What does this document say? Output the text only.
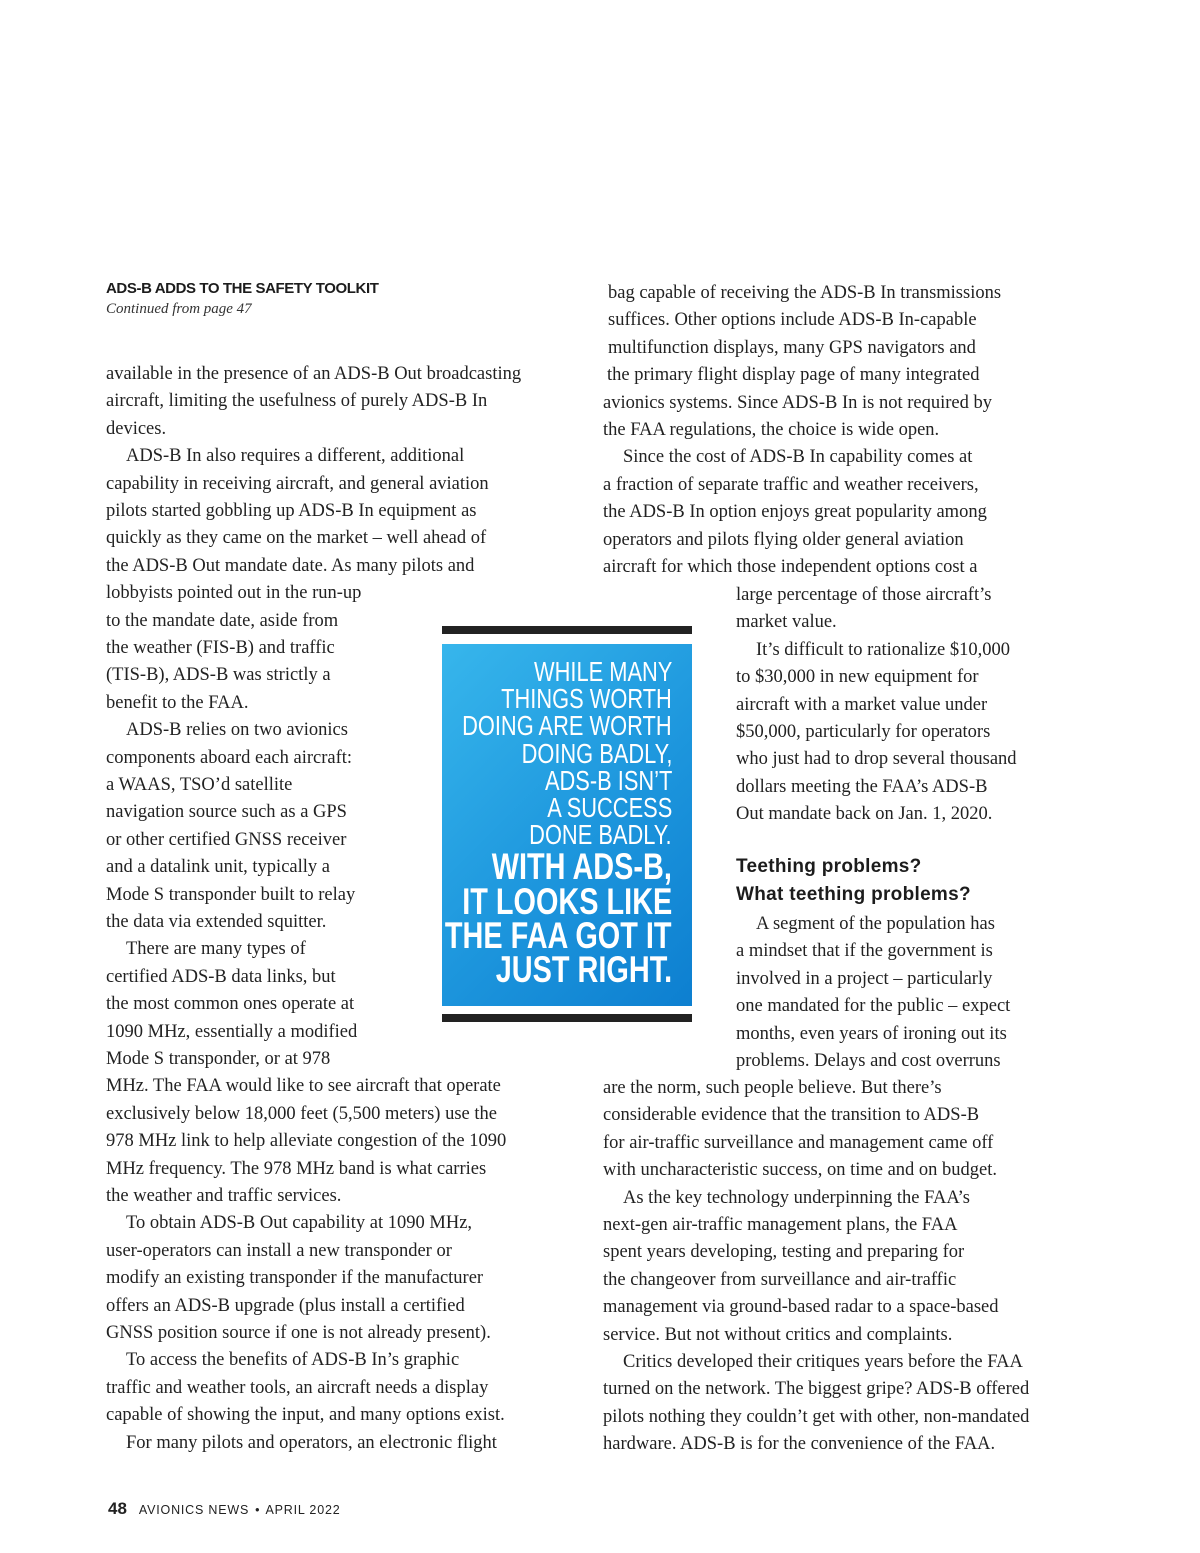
ADS-B ADDS TO THE SAFETY TOOLKIT
Continued from page 47

available in the presence of an ADS-B Out broadcasting

aircraft, limiting the usefulness of purely ADS-B In

devices.

ADS-B In also requires a different, additional

capability in receiving aircraft, and general aviation

pilots started gobbling up ADS-B In equipment as

quickly as they came on the market – well ahead of

the ADS-B Out mandate date. As many pilots and

lobbyists pointed out in the run-up

to the mandate date, aside from

the weather (FIS-B) and traffic

(TIS-B), ADS-B was strictly a

benefit to the FAA.

ADS-B relies on two avionics

components aboard each aircraft:

a WAAS, TSO’d satellite

navigation source such as a GPS

or other certified GNSS receiver

and a datalink unit, typically a

Mode S transponder built to relay

the data via extended squitter.

There are many types of

certified ADS-B data links, but

the most common ones operate at

1090 MHz, essentially a modified

Mode S transponder, or at 978

MHz. The FAA would like to see aircraft that operate

exclusively below 18,000 feet (5,500 meters) use the

978 MHz link to help alleviate congestion of the 1090

MHz frequency. The 978 MHz band is what carries

the weather and traffic services.

To obtain ADS-B Out capability at 1090 MHz,

user-operators can install a new transponder or

modify an existing transponder if the manufacturer

offers an ADS-B upgrade (plus install a certified

GNSS position source if one is not already present).

To access the benefits of ADS-B In’s graphic

traffic and weather tools, an aircraft needs a display

capable of showing the input, and many options exist.

For many pilots and operators, an electronic flight

bag capable of receiving the ADS-B In transmissions

suffices. Other options include ADS-B In-capable

multifunction displays, many GPS navigators and

the primary flight display page of many integrated

avionics systems. Since ADS-B In is not required by

the FAA regulations, the choice is wide open.

Since the cost of ADS-B In capability comes at

a fraction of separate traffic and weather receivers,

the ADS-B In option enjoys great popularity among

operators and pilots flying older general aviation

aircraft for which those independent options cost a

large percentage of those aircraft’s

market value.

It’s difficult to rationalize $10,000

to $30,000 in new equipment for

aircraft with a market value under

$50,000, particularly for operators

who just had to drop several thousand

dollars meeting the FAA’s ADS-B

Out mandate back on Jan. 1, 2020.

A segment of the population has

a mindset that if the government is

involved in a project – particularly

one mandated for the public – expect

months, even years of ironing out its

problems. Delays and cost overruns

are the norm, such people believe. But there’s

considerable evidence that the transition to ADS-B

for air-traffic surveillance and management came off

with uncharacteristic success, on time and on budget.

As the key technology underpinning the FAA’s

next-gen air-traffic management plans, the FAA

spent years developing, testing and preparing for

the changeover from surveillance and air-traffic

management via ground-based radar to a space-based

service. But not without critics and complaints.

Critics developed their critiques years before the FAA

turned on the network. The biggest gripe? ADS-B offered

pilots nothing they couldn’t get with other, non-mandated

hardware. ADS-B is for the convenience of the FAA.

WHILE MANY
THINGS WORTH
DOING ARE WORTH
DOING BADLY,
ADS-B ISN’T
A SUCCESS
DONE BADLY.
WITH ADS-B,
IT LOOKS LIKE
THE FAA GOT IT
JUST RIGHT.
Teething problems?
What teething problems?
48 AVIONICS NEWS • APRIL 2022
